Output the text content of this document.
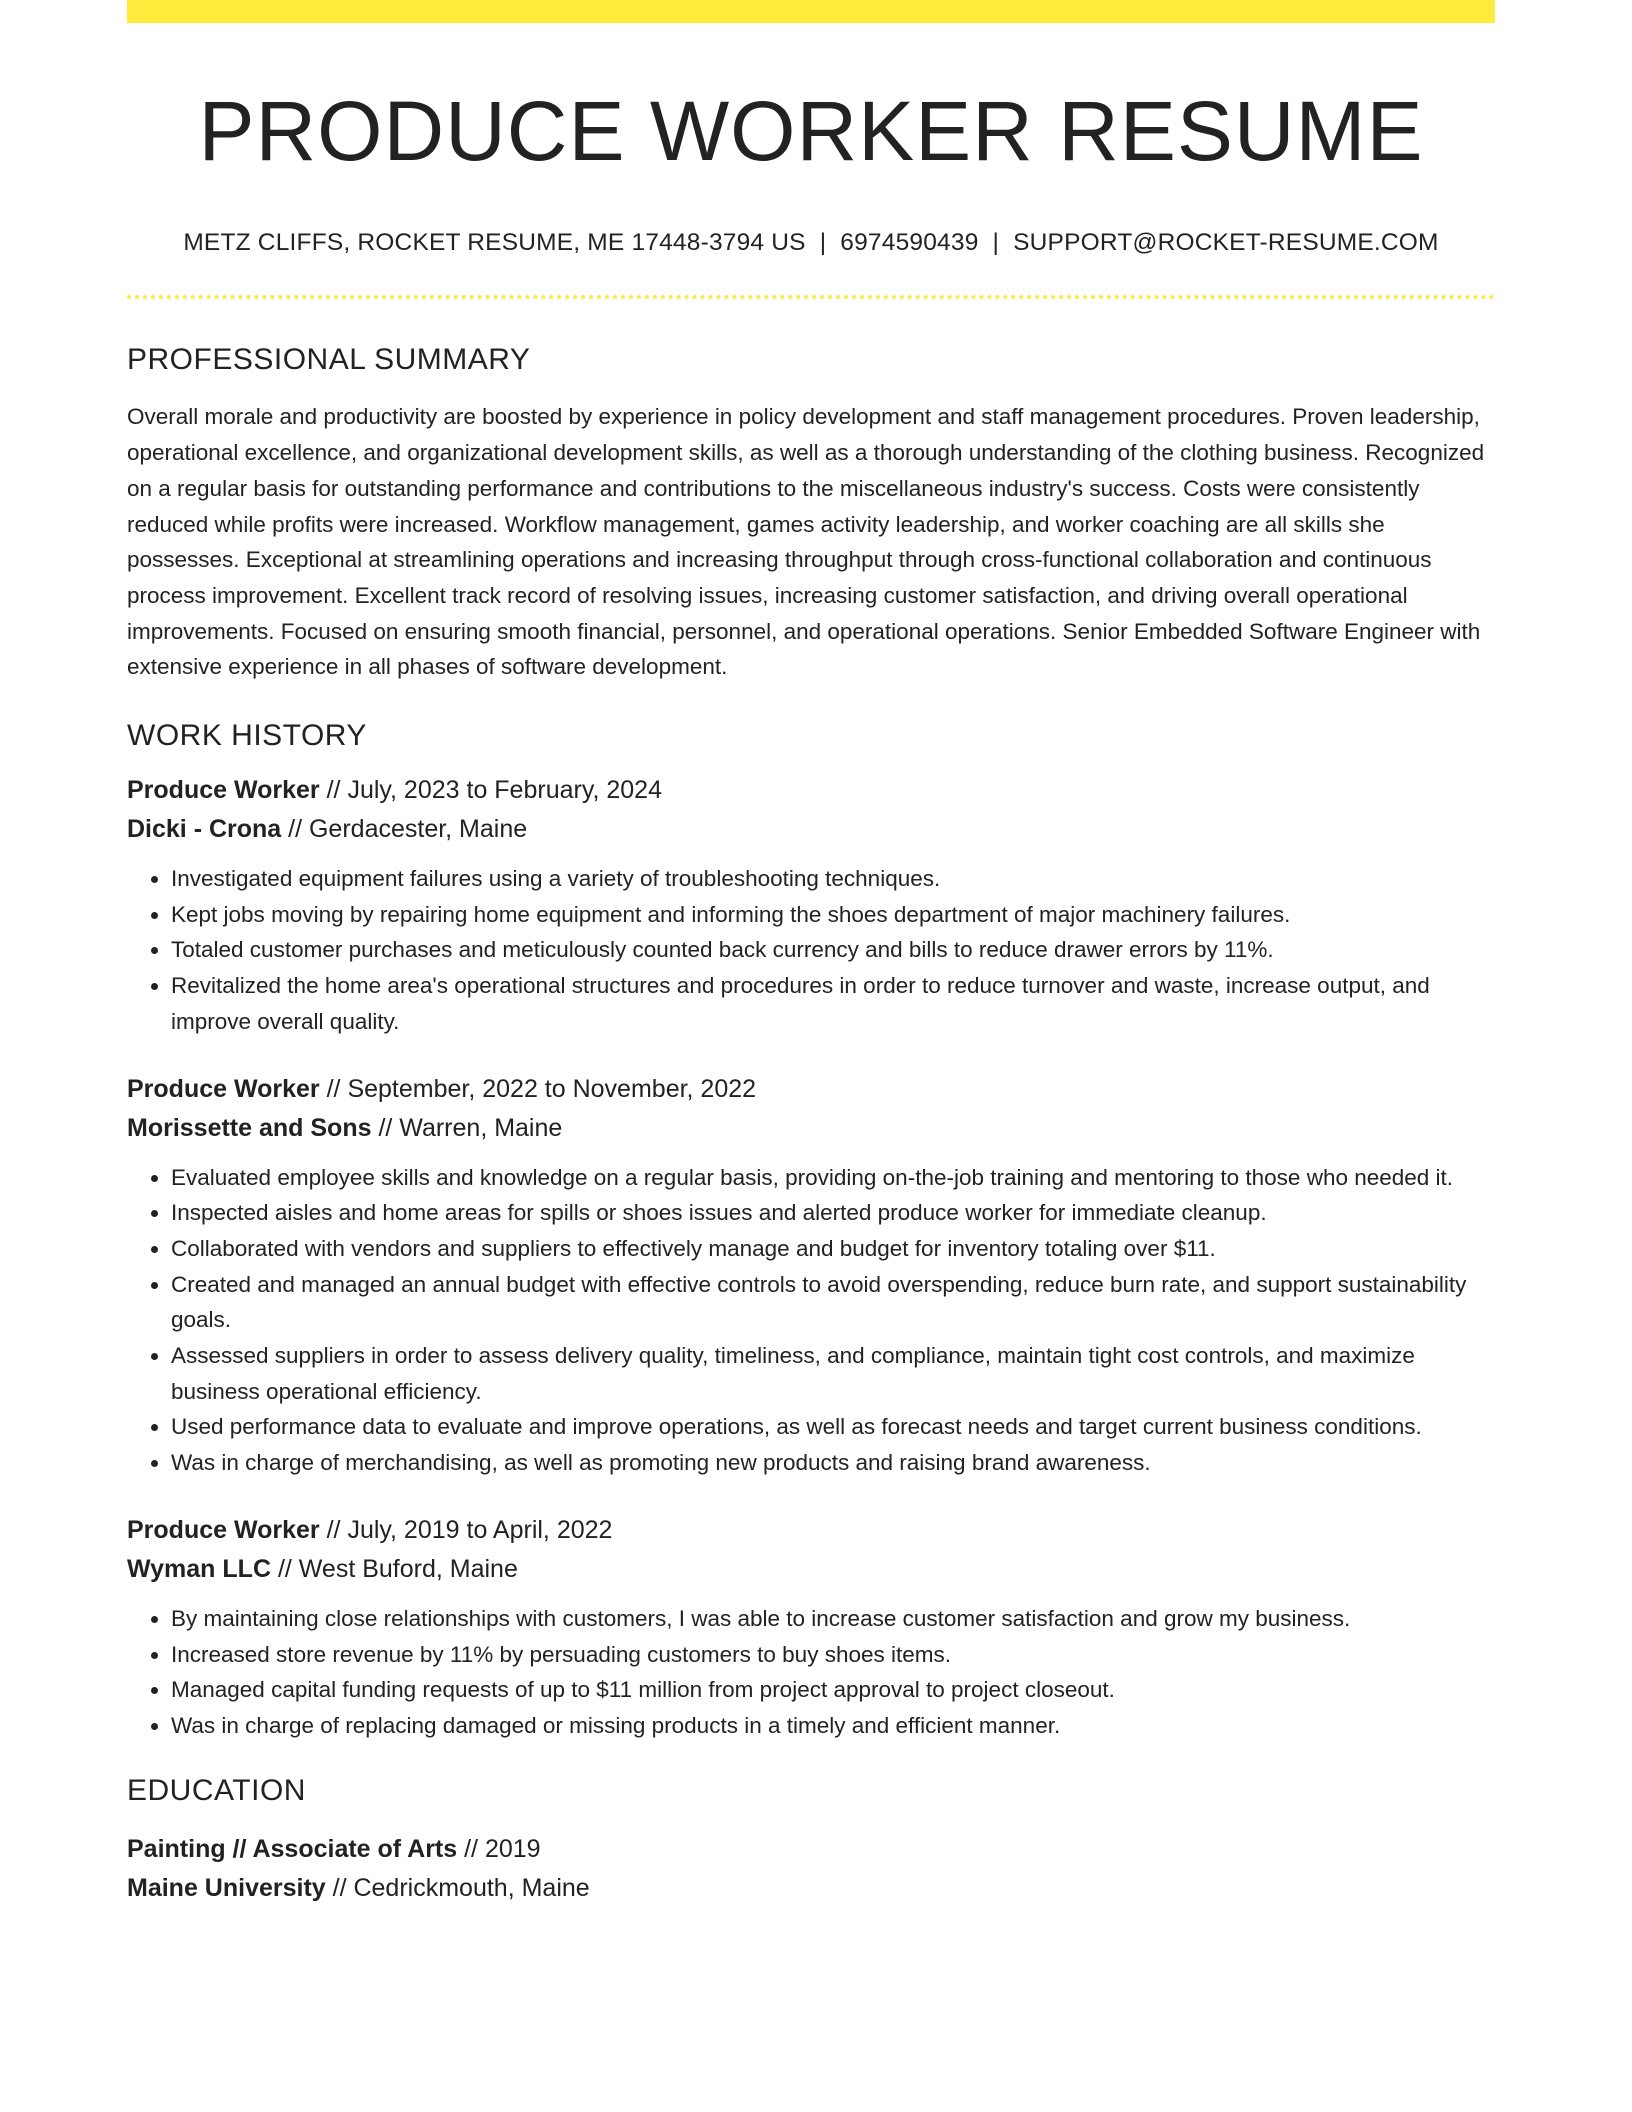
PRODUCE WORKER RESUME
METZ CLIFFS, ROCKET RESUME, ME 17448-3794 US | 6974590439 | SUPPORT@ROCKET-RESUME.COM
PROFESSIONAL SUMMARY
Overall morale and productivity are boosted by experience in policy development and staff management procedures. Proven leadership, operational excellence, and organizational development skills, as well as a thorough understanding of the clothing business. Recognized on a regular basis for outstanding performance and contributions to the miscellaneous industry's success. Costs were consistently reduced while profits were increased. Workflow management, games activity leadership, and worker coaching are all skills she possesses. Exceptional at streamlining operations and increasing throughput through cross-functional collaboration and continuous process improvement. Excellent track record of resolving issues, increasing customer satisfaction, and driving overall operational improvements. Focused on ensuring smooth financial, personnel, and operational operations. Senior Embedded Software Engineer with extensive experience in all phases of software development.
WORK HISTORY
Produce Worker // July, 2023 to February, 2024
Dicki - Crona // Gerdacester, Maine
• Investigated equipment failures using a variety of troubleshooting techniques.
• Kept jobs moving by repairing home equipment and informing the shoes department of major machinery failures.
• Totaled customer purchases and meticulously counted back currency and bills to reduce drawer errors by 11%.
• Revitalized the home area's operational structures and procedures in order to reduce turnover and waste, increase output, and improve overall quality.
Produce Worker // September, 2022 to November, 2022
Morissette and Sons // Warren, Maine
• Evaluated employee skills and knowledge on a regular basis, providing on-the-job training and mentoring to those who needed it.
• Inspected aisles and home areas for spills or shoes issues and alerted produce worker for immediate cleanup.
• Collaborated with vendors and suppliers to effectively manage and budget for inventory totaling over $11.
• Created and managed an annual budget with effective controls to avoid overspending, reduce burn rate, and support sustainability goals.
• Assessed suppliers in order to assess delivery quality, timeliness, and compliance, maintain tight cost controls, and maximize business operational efficiency.
• Used performance data to evaluate and improve operations, as well as forecast needs and target current business conditions.
• Was in charge of merchandising, as well as promoting new products and raising brand awareness.
Produce Worker // July, 2019 to April, 2022
Wyman LLC // West Buford, Maine
• By maintaining close relationships with customers, I was able to increase customer satisfaction and grow my business.
• Increased store revenue by 11% by persuading customers to buy shoes items.
• Managed capital funding requests of up to $11 million from project approval to project closeout.
• Was in charge of replacing damaged or missing products in a timely and efficient manner.
EDUCATION
Painting // Associate of Arts // 2019
Maine University // Cedrickmouth, Maine
